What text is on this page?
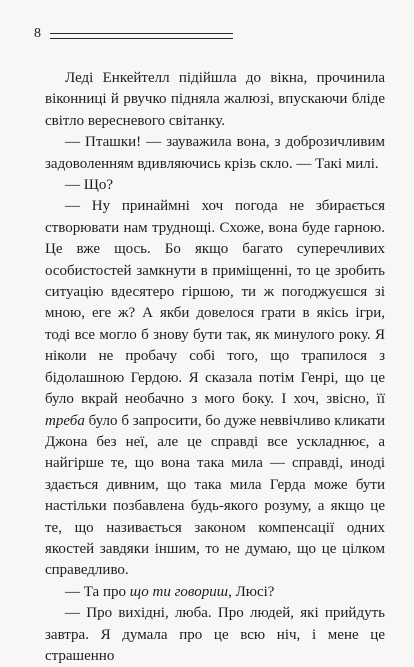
8

Леді Енкейтелл підійшла до вікна, прочинила віконниці й рвучко підняла жалюзі, впускаючи бліде світло вересневого світанку.

— Пташки! — зауважила вона, з доброзичливим задоволенням вдивляючись крізь скло. — Такі милі.

— Що?

— Ну принаймні хоч погода не збирається створювати нам труднощі. Схоже, вона буде гарною. Це вже щось. Бо якщо багато суперечливих особистостей замкнути в приміщенні, то це зробить ситуацію вдесятеро гіршою, ти ж погоджуєшся зі мною, еге ж? А якби довелося грати в якісь ігри, тоді все могло б знову бути так, як минулого року. Я ніколи не пробачу собі того, що трапилося з бідолашною Гердою. Я сказала потім Генрі, що це було вкрай необачно з мого боку. І хоч, звісно, її треба було б запросити, бо дуже неввічливо кликати Джона без неї, але це справді все ускладнює, а найгірше те, що вона така мила — справді, иноді здається дивним, що така мила Герда може бути настільки позбавлена будь-якого розуму, а якщо це те, що називається законом компенсації одних якостей завдяки іншим, то не думаю, що це цілком справедливо.

— Та про що ти говориш, Люсі?

— Про вихідні, люба. Про людей, які прийдуть завтра. Я думала про це всю ніч, і мене це страшенно
